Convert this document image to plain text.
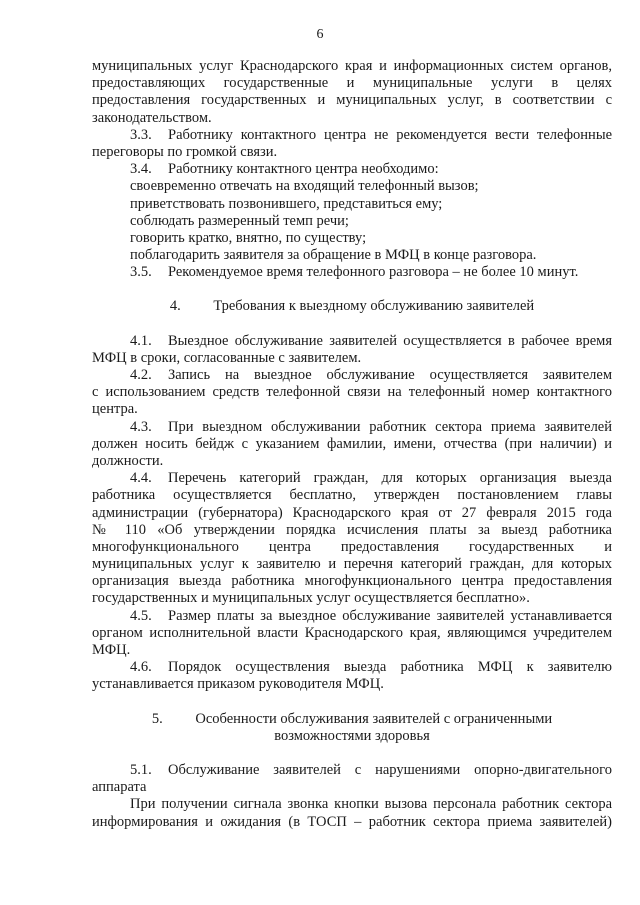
6
муниципальных услуг Краснодарского края и информационных систем органов,
предоставляющих государственные и муниципальные услуги в целях
предоставления государственных и муниципальных услуг, в соответствии с
законодательством.
3.3. Работнику контактного центра не рекомендуется вести телефонные
переговоры по громкой связи.
3.4. Работнику контактного центра необходимо:
своевременно отвечать на входящий телефонный вызов;
приветствовать позвонившего, представиться ему;
соблюдать размеренный темп речи;
говорить кратко, внятно, по существу;
поблагодарить заявителя за обращение в МФЦ в конце разговора.
3.5. Рекомендуемое время телефонного разговора – не более 10 минут.
4. Требования к выездному обслуживанию заявителей
4.1. Выездное обслуживание заявителей осуществляется в рабочее время
МФЦ в сроки, согласованные с заявителем.
4.2. Запись на выездное обслуживание осуществляется заявителем
с использованием средств телефонной связи на телефонный номер контактного
центра.
4.3. При выездном обслуживании работник сектора приема заявителей
должен носить бейдж с указанием фамилии, имени, отчества (при наличии) и
должности.
4.4. Перечень категорий граждан, для которых организация выезда
работника осуществляется бесплатно, утвержден постановлением главы
администрации (губернатора) Краснодарского края от 27 февраля 2015 года
№ 110 «Об утверждении порядка исчисления платы за выезд работника
многофункционального центра предоставления государственных и
муниципальных услуг к заявителю и перечня категорий граждан, для которых
организация выезда работника многофункционального центра предоставления
государственных и муниципальных услуг осуществляется бесплатно».
4.5. Размер платы за выездное обслуживание заявителей устанавливается
органом исполнительной власти Краснодарского края, являющимся учредителем
МФЦ.
4.6. Порядок осуществления выезда работника МФЦ к заявителю
устанавливается приказом руководителя МФЦ.
5. Особенности обслуживания заявителей с ограниченными
возможностями здоровья
5.1. Обслуживание заявителей с нарушениями опорно-двигательного
аппарата
При получении сигнала звонка кнопки вызова персонала работник сектора
информирования и ожидания (в ТОСП – работник сектора приема заявителей)
